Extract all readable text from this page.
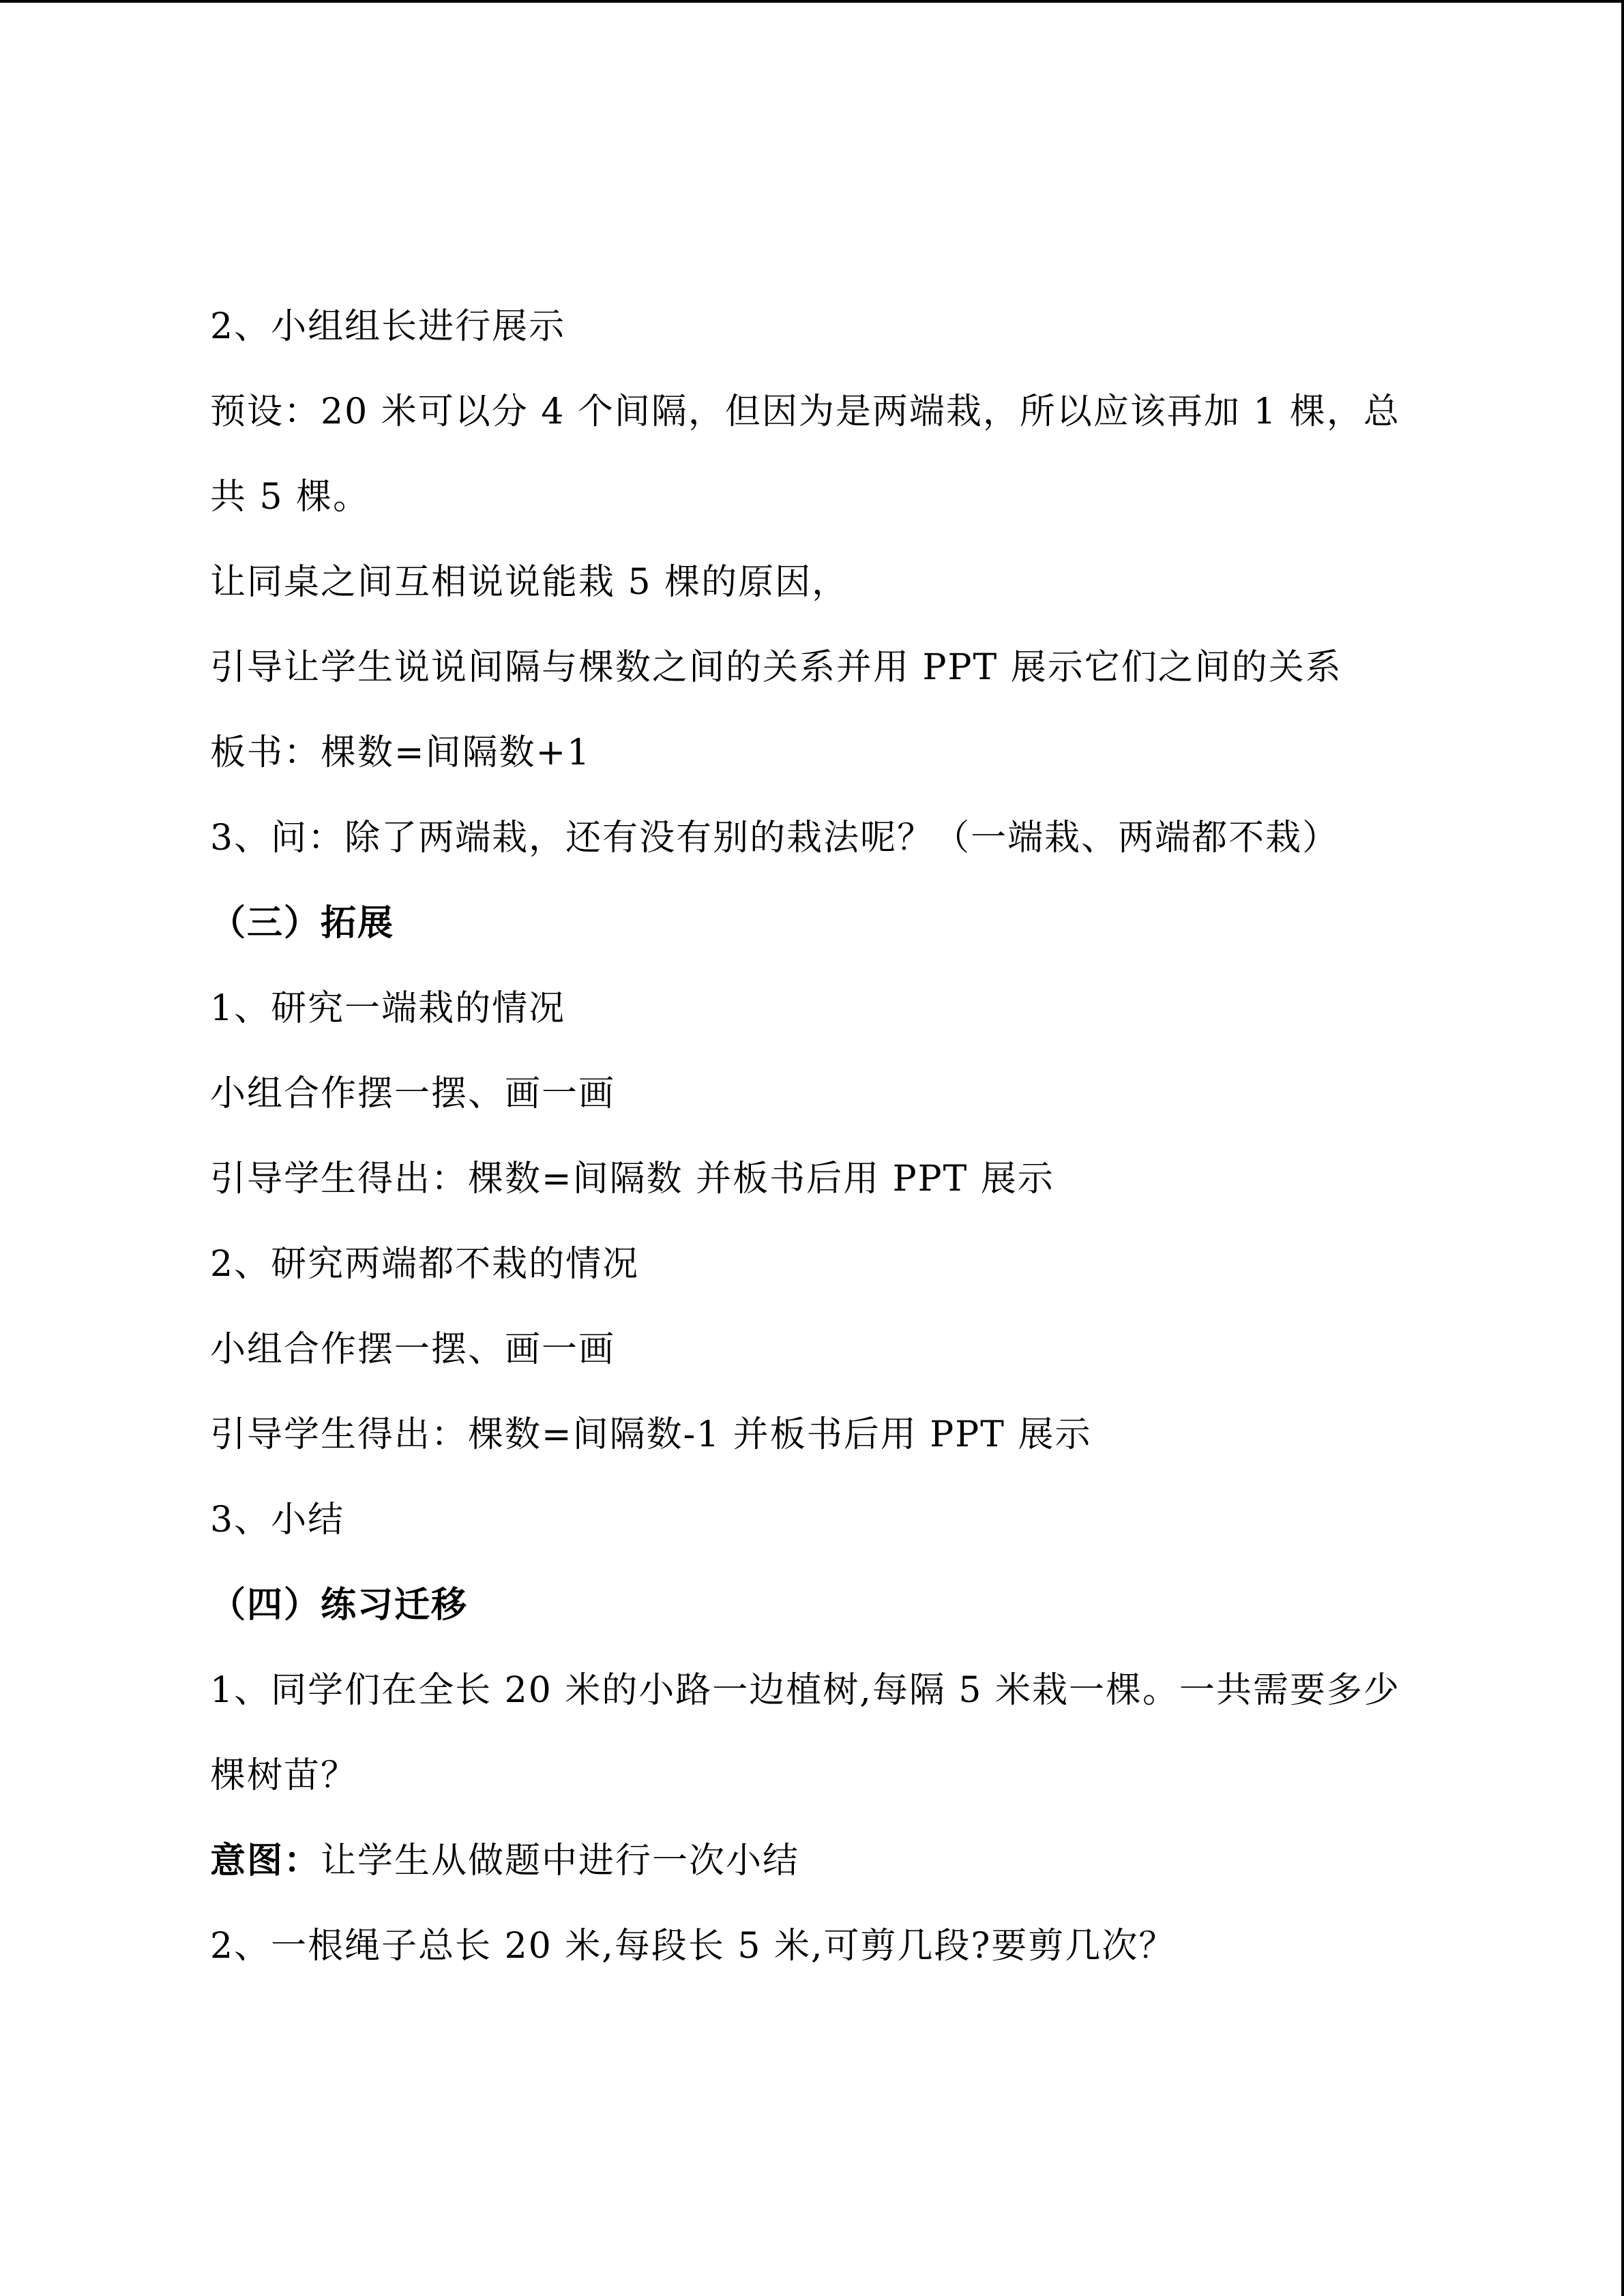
2、小组组长进行展示
预设：20 米可以分 4 个间隔，但因为是两端栽，所以应该再加 1 棵，总
共 5 棵。
让同桌之间互相说说能栽 5 棵的原因，
引导让学生说说间隔与棵数之间的关系并用 PPT 展示它们之间的关系
板书：棵数=间隔数+1
3、问：除了两端栽，还有没有别的栽法呢？（一端栽、两端都不栽）
（三）拓展
1、研究一端栽的情况
小组合作摆一摆、画一画
引导学生得出：棵数=间隔数 并板书后用 PPT 展示
2、研究两端都不栽的情况
小组合作摆一摆、画一画
引导学生得出：棵数=间隔数-1 并板书后用 PPT 展示
3、小结
（四）练习迁移
1、同学们在全长 20 米的小路一边植树,每隔 5 米栽一棵。一共需要多少
棵树苗？
意图：让学生从做题中进行一次小结
2、一根绳子总长 20 米,每段长 5 米,可剪几段?要剪几次？
